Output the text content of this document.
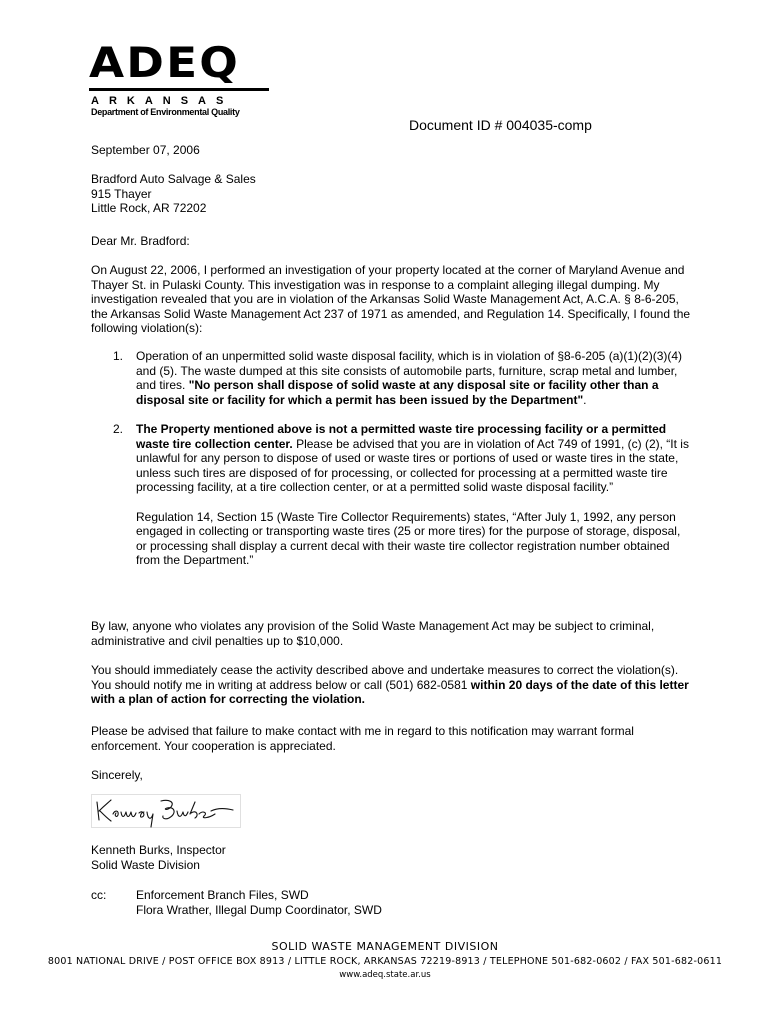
ADEQ
ARKANSAS
Department of Environmental Quality
Document ID # 004035-comp
September 07, 2006
Bradford Auto Salvage & Sales
915 Thayer
Little Rock, AR 72202
Dear Mr. Bradford:
On August 22, 2006, I performed an investigation of your property located at the corner of Maryland Avenue and Thayer St. in Pulaski County. This investigation was in response to a complaint alleging illegal dumping. My investigation revealed that you are in violation of the Arkansas Solid Waste Management Act, A.C.A. § 8-6-205, the Arkansas Solid Waste Management Act 237 of 1971 as amended, and Regulation 14. Specifically, I found the following violation(s):
1. Operation of an unpermitted solid waste disposal facility, which is in violation of §8-6-205 (a)(1)(2)(3)(4) and (5). The waste dumped at this site consists of automobile parts, furniture, scrap metal and lumber, and tires. "No person shall dispose of solid waste at any disposal site or facility other than a disposal site or facility for which a permit has been issued by the Department".
2. The Property mentioned above is not a permitted waste tire processing facility or a permitted waste tire collection center. Please be advised that you are in violation of Act 749 of 1991, (c) (2), “It is unlawful for any person to dispose of used or waste tires or portions of used or waste tires in the state, unless such tires are disposed of for processing, or collected for processing at a permitted waste tire processing facility, at a tire collection center, or at a permitted solid waste disposal facility.”
Regulation 14, Section 15 (Waste Tire Collector Requirements) states, “After July 1, 1992, any person engaged in collecting or transporting waste tires (25 or more tires) for the purpose of storage, disposal, or processing shall display a current decal with their waste tire collector registration number obtained from the Department.”
By law, anyone who violates any provision of the Solid Waste Management Act may be subject to criminal, administrative and civil penalties up to $10,000.
You should immediately cease the activity described above and undertake measures to correct the violation(s). You should notify me in writing at address below or call (501) 682-0581 within 20 days of the date of this letter with a plan of action for correcting the violation.
Please be advised that failure to make contact with me in regard to this notification may warrant formal enforcement. Your cooperation is appreciated.
Sincerely,
Kenneth Burks, Inspector
Solid Waste Division
cc: Enforcement Branch Files, SWD
Flora Wrather, Illegal Dump Coordinator, SWD
SOLID WASTE MANAGEMENT DIVISION
8001 NATIONAL DRIVE / POST OFFICE BOX 8913 / LITTLE ROCK, ARKANSAS 72219-8913 / TELEPHONE 501-682-0602 / FAX 501-682-0611
www.adeq.state.ar.us
